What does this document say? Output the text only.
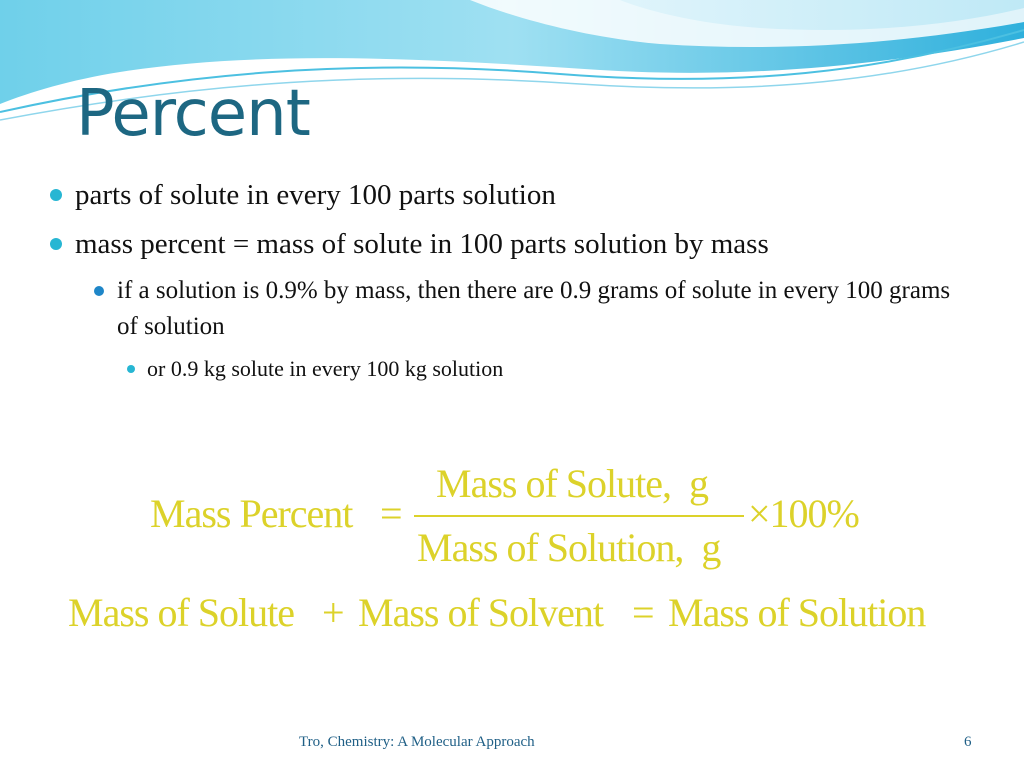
Percent

parts of solute in every 100 parts solution

mass percent = mass of solute in 100 parts solution by mass

if a solution is 0.9% by mass, then there are 0.9 grams of solute in every 100 grams of solution

or 0.9 kg solute in every 100 kg solution

Mass Percent =
Mass of Solute,  g
Mass of Solution,  g
×100%
Mass of Solute + Mass of Solvent = Mass of Solution
Tro, Chemistry: A Molecular Approach	6
